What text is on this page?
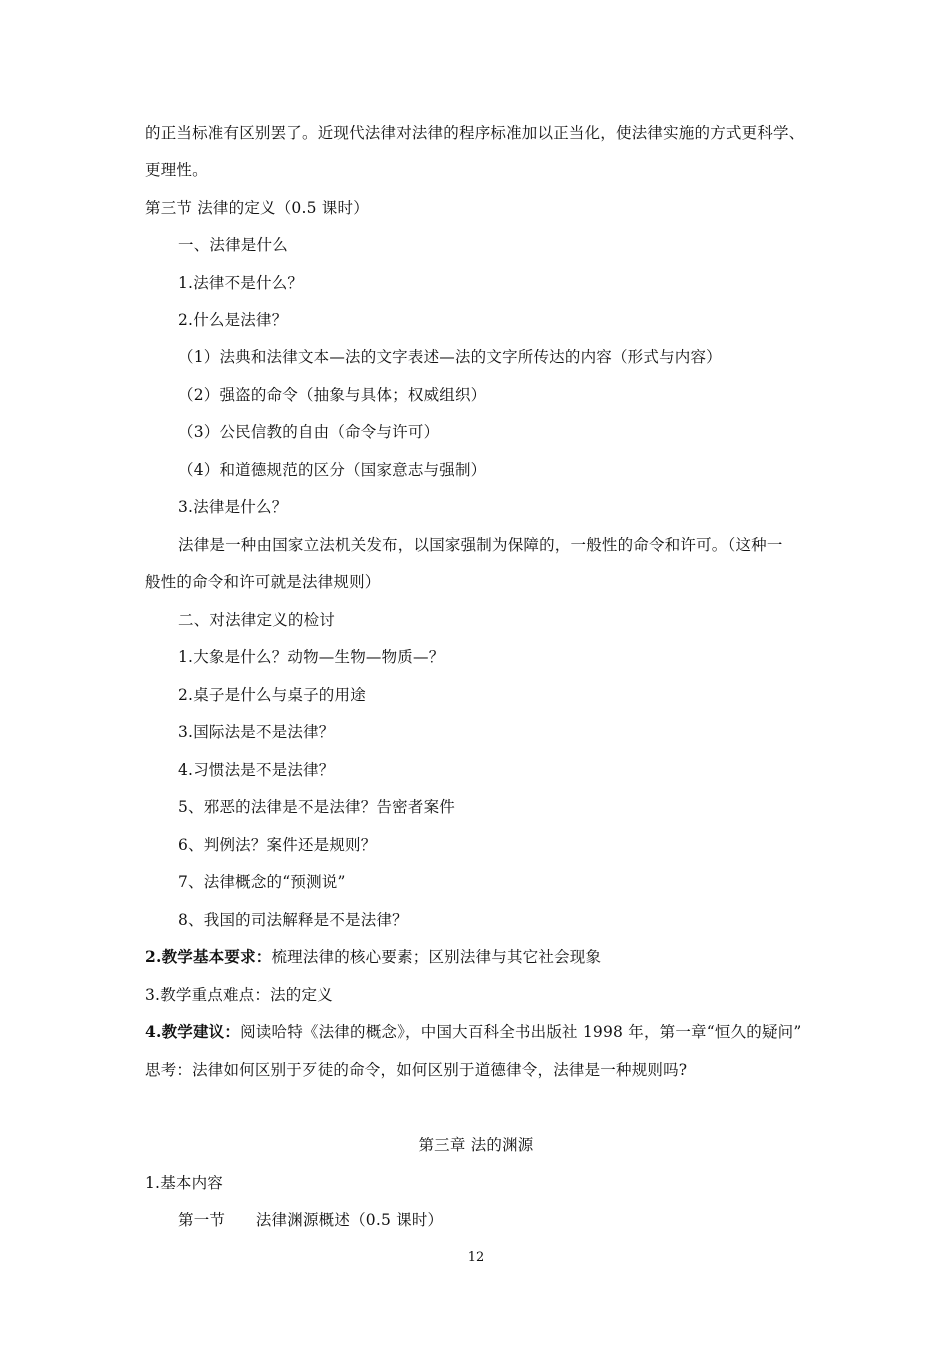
的正当标准有区别罢了。近现代法律对法律的程序标准加以正当化，使法律实施的方式更科学、
更理性。
第三节 法律的定义（0.5 课时）
一、法律是什么
1.法律不是什么？
2.什么是法律？
（1）法典和法律文本—法的文字表述—法的文字所传达的内容（形式与内容）
（2）强盗的命令（抽象与具体；权威组织）
（3）公民信教的自由（命令与许可）
（4）和道德规范的区分（国家意志与强制）
3.法律是什么？
法律是一种由国家立法机关发布，以国家强制为保障的，一般性的命令和许可。（这种一
般性的命令和许可就是法律规则）
二、对法律定义的检讨
1.大象是什么？动物—生物—物质—？
2.桌子是什么与桌子的用途
3.国际法是不是法律？
4.习惯法是不是法律？
5、邪恶的法律是不是法律？告密者案件
6、判例法？案件还是规则？
7、法律概念的“预测说”
8、我国的司法解释是不是法律？
2.教学基本要求：梳理法律的核心要素；区别法律与其它社会现象
3.教学重点难点：法的定义
4.教学建议：阅读哈特《法律的概念》，中国大百科全书出版社 1998 年，第一章“恒久的疑问”
思考：法律如何区别于歹徒的命令，如何区别于道德律令，法律是一种规则吗?
第三章 法的渊源
1.基本内容
第一节      法律渊源概述（0.5 课时）
12
